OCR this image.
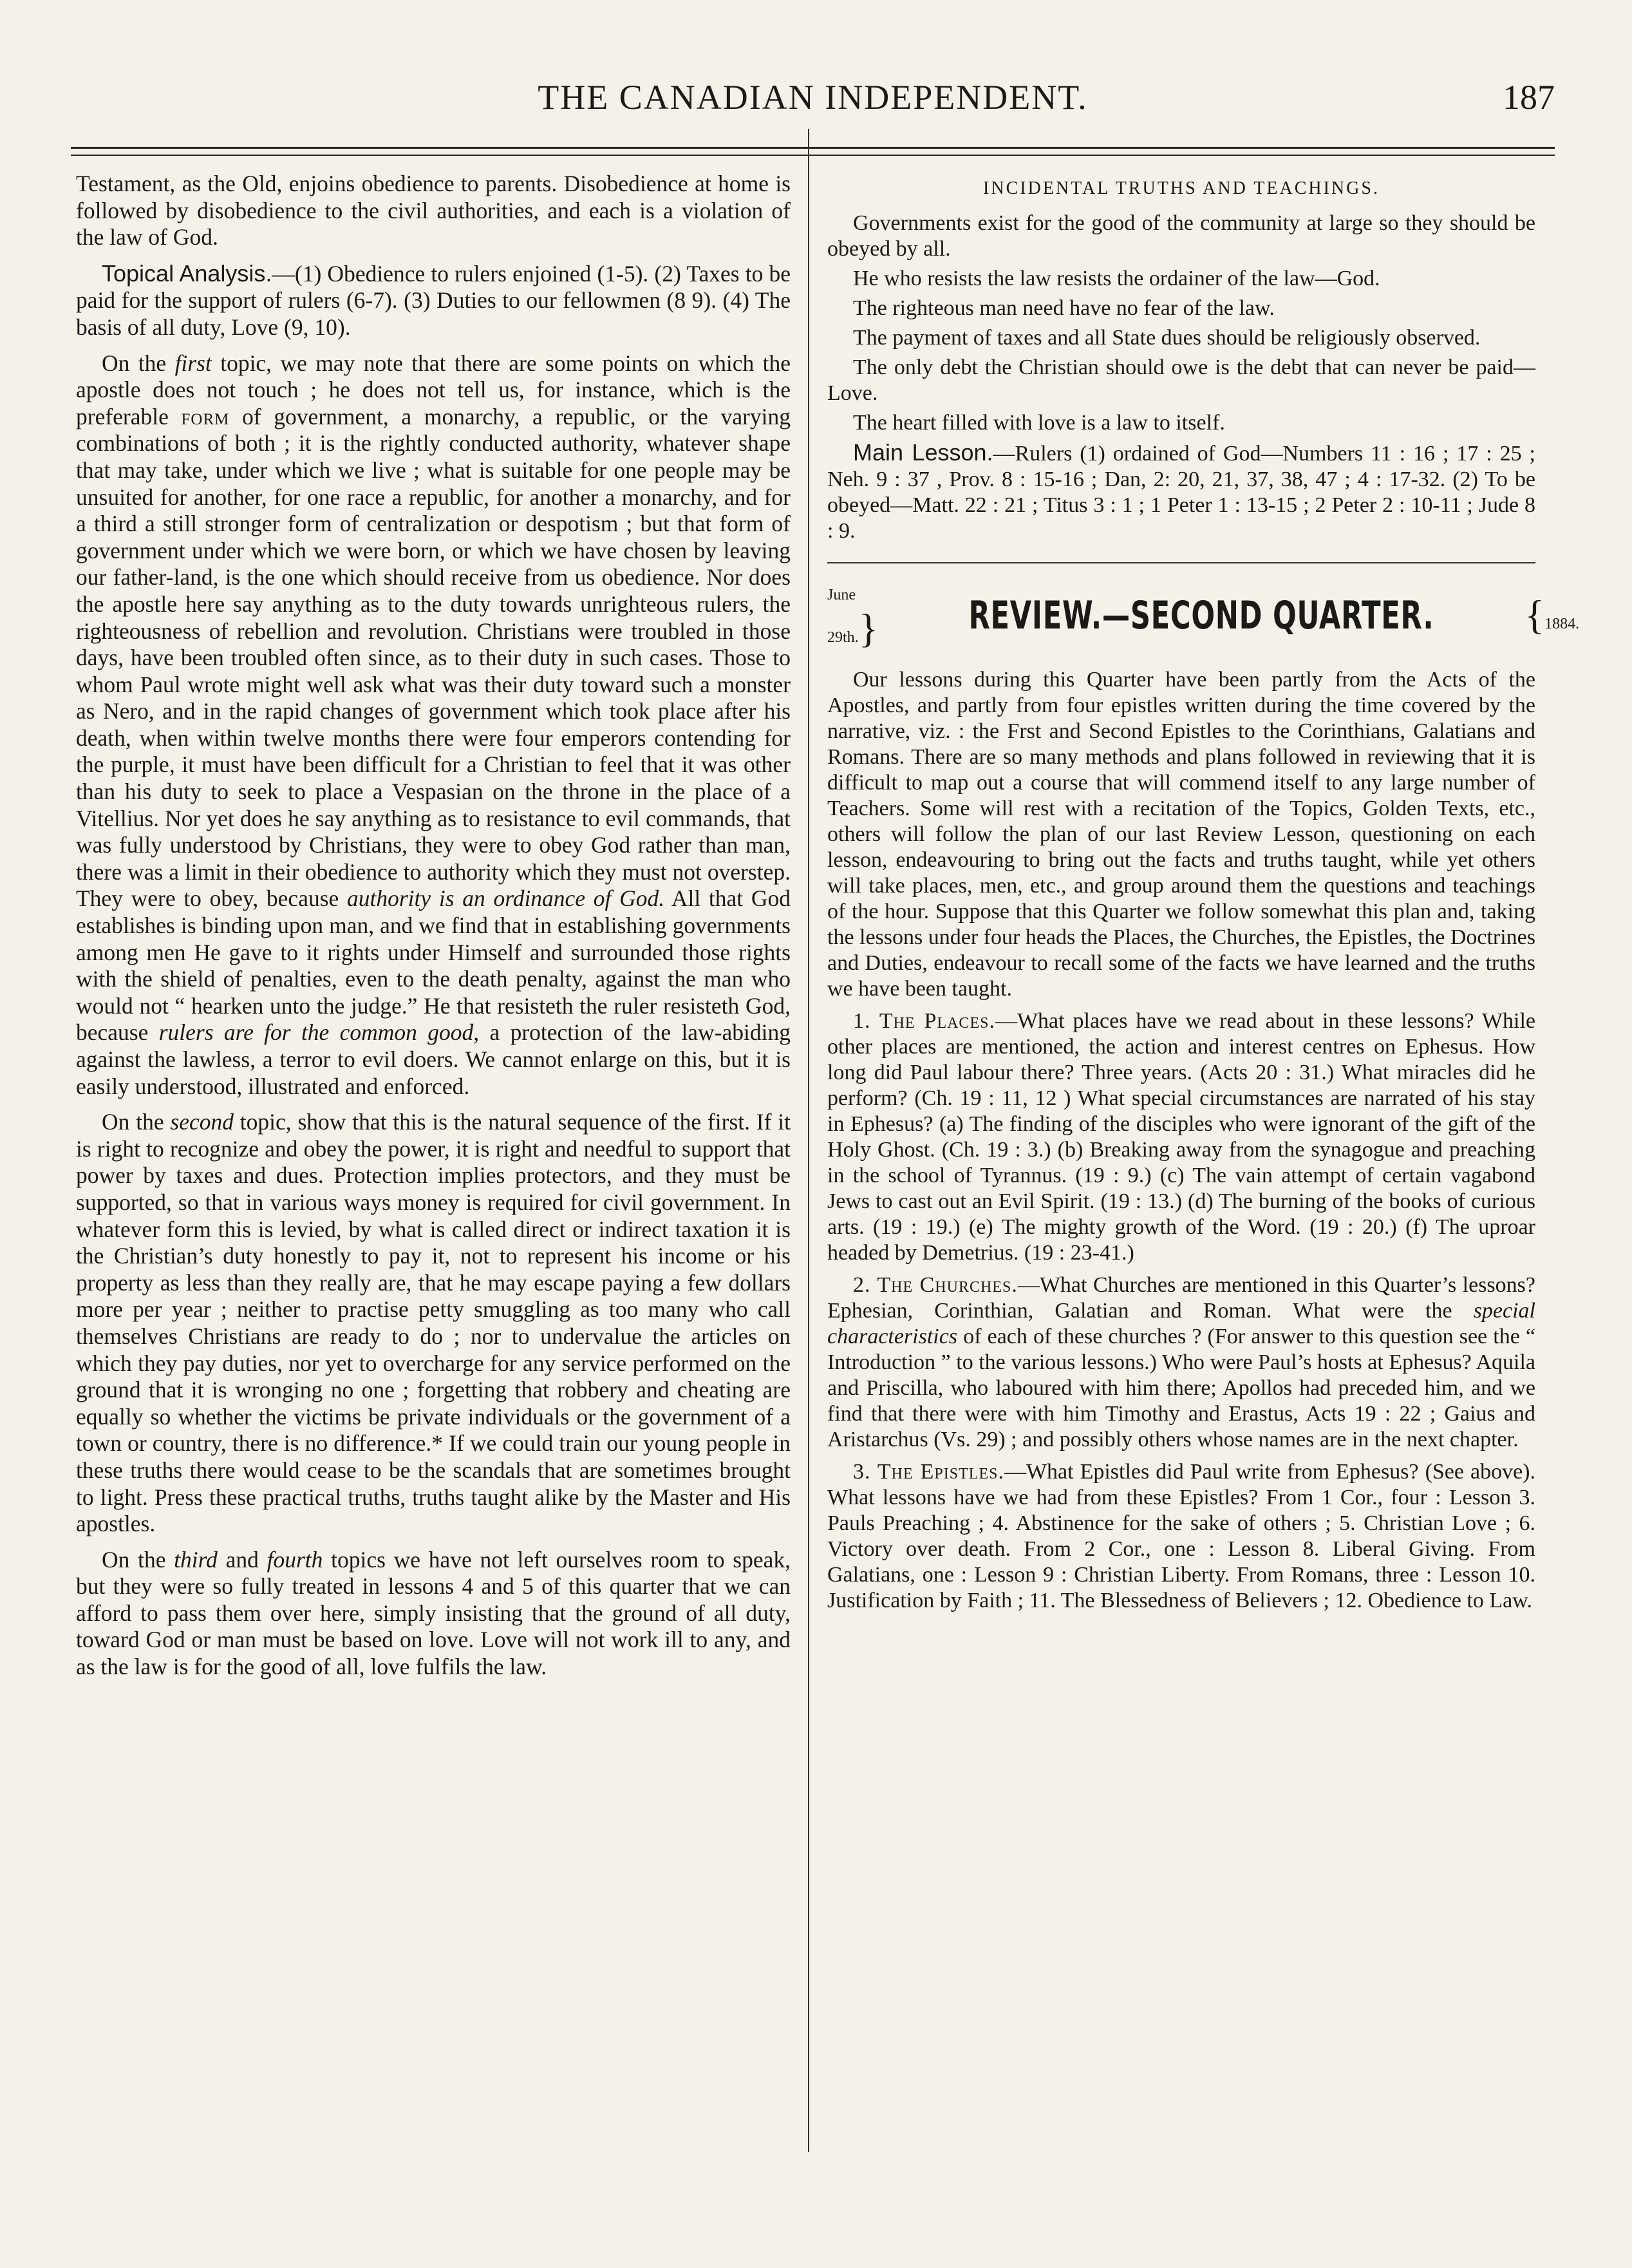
THE CANADIAN INDEPENDENT.	187

Testament, as the Old, enjoins obedience to parents. Disobedience at home is followed by disobedience to the civil authorities, and each is a violation of the law of God.

Topical Analysis.—(1) Obedience to rulers enjoined (1-5). (2) Taxes to be paid for the support of rulers (6-7). (3) Duties to our fellowmen (8 9). (4) The basis of all duty, Love (9, 10).

On the first topic, we may note that there are some points on which the apostle does not touch ; he does not tell us, for instance, which is the preferable form of government, a monarchy, a republic, or the varying combinations of both ; it is the rightly conducted authority, whatever shape that may take, under which we live ; what is suitable for one people may be unsuited for another, for one race a republic, for another a monarchy, and for a third a still stronger form of centralization or despotism ; but that form of government under which we were born, or which we have chosen by leaving our father-land, is the one which should receive from us obedience. Nor does the apostle here say anything as to the duty towards unrighteous rulers, the righteousness of rebellion and revolution. Christians were troubled in those days, have been troubled often since, as to their duty in such cases. Those to whom Paul wrote might well ask what was their duty toward such a monster as Nero, and in the rapid changes of government which took place after his death, when within twelve months there were four emperors contending for the purple, it must have been difficult for a Christian to feel that it was other than his duty to seek to place a Vespasian on the throne in the place of a Vitellius. Nor yet does he say anything as to resistance to evil commands, that was fully understood by Christians, they were to obey God rather than man, there was a limit in their obedience to authority which they must not overstep. They were to obey, because authority is an ordinance of God. All that God establishes is binding upon man, and we find that in establishing governments among men He gave to it rights under Himself and surrounded those rights with the shield of penalties, even to the death penalty, against the man who would not “ hearken unto the judge.” He that resisteth the ruler resisteth God, because rulers are for the common good, a protection of the law-abiding against the lawless, a terror to evil doers. We cannot enlarge on this, but it is easily understood, illustrated and enforced.

On the second topic, show that this is the natural sequence of the first. If it is right to recognize and obey the power, it is right and needful to support that power by taxes and dues. Protection implies protectors, and they must be supported, so that in various ways money is required for civil government. In whatever form this is levied, by what is called direct or indirect taxation it is the Christian’s duty honestly to pay it, not to represent his income or his property as less than they really are, that he may escape paying a few dollars more per year ; neither to practise petty smuggling as too many who call themselves Christians are ready to do ; nor to undervalue the articles on which they pay duties, nor yet to overcharge for any service performed on the ground that it is wronging no one ; forgetting that robbery and cheating are equally so whether the victims be private individuals or the government of a town or country, there is no difference.* If we could train our young people in these truths there would cease to be the scandals that are sometimes brought to light. Press these practical truths, truths taught alike by the Master and His apostles.

On the third and fourth topics we have not left ourselves room to speak, but they were so fully treated in lessons 4 and 5 of this quarter that we can afford to pass them over here, simply insisting that the ground of all duty, toward God or man must be based on love. Love will not work ill to any, and as the law is for the good of all, love fulfils the law.

INCIDENTAL TRUTHS AND TEACHINGS.

Governments exist for the good of the community at large so they should be obeyed by all.

He who resists the law resists the ordainer of the law—God.

The righteous man need have no fear of the law.

The payment of taxes and all State dues should be religiously observed.

The only debt the Christian should owe is the debt that can never be paid—Love.

The heart filled with love is a law to itself.

Main Lesson.—Rulers (1) ordained of God—Numbers 11 : 16 ; 17 : 25 ; Neh. 9 : 37 , Prov. 8 : 15-16 ; Dan, 2: 20, 21, 37, 38, 47 ; 4 : 17-32. (2) To be obeyed—Matt. 22 : 21 ; Titus 3 : 1 ; 1 Peter 1 : 13-15 ; 2 Peter 2 : 10-11 ; Jude 8 : 9.

June 29th.} REVIEW.—SECOND QUARTER. {1884.

Our lessons during this Quarter have been partly from the Acts of the Apostles, and partly from four epistles written during the time covered by the narrative, viz. : the Frst and Second Epistles to the Corinthians, Galatians and Romans. There are so many methods and plans followed in reviewing that it is difficult to map out a course that will commend itself to any large number of Teachers. Some will rest with a recitation of the Topics, Golden Texts, etc., others will follow the plan of our last Review Lesson, questioning on each lesson, endeavouring to bring out the facts and truths taught, while yet others will take places, men, etc., and group around them the questions and teachings of the hour. Suppose that this Quarter we follow somewhat this plan and, taking the lessons under four heads the Places, the Churches, the Epistles, the Doctrines and Duties, endeavour to recall some of the facts we have learned and the truths we have been taught.

1. The Places.—What places have we read about in these lessons? While other places are mentioned, the action and interest centres on Ephesus. How long did Paul labour there? Three years. (Acts 20 : 31.) What miracles did he perform? (Ch. 19 : 11, 12 ) What special circumstances are narrated of his stay in Ephesus? (a) The finding of the disciples who were ignorant of the gift of the Holy Ghost. (Ch. 19 : 3.) (b) Breaking away from the synagogue and preaching in the school of Tyrannus. (19 : 9.) (c) The vain attempt of certain vagabond Jews to cast out an Evil Spirit. (19 : 13.) (d) The burning of the books of curious arts. (19 : 19.) (e) The mighty growth of the Word. (19 : 20.) (f) The uproar headed by Demetrius. (19 : 23-41.)

2. The Churches.—What Churches are mentioned in this Quarter’s lessons? Ephesian, Corinthian, Galatian and Roman. What were the special characteristics of each of these churches ? (For answer to this question see the “ Introduction ” to the various lessons.) Who were Paul’s hosts at Ephesus? Aquila and Priscilla, who laboured with him there; Apollos had preceded him, and we find that there were with him Timothy and Erastus, Acts 19 : 22 ; Gaius and Aristarchus (Vs. 29) ; and possibly others whose names are in the next chapter.

3. The Epistles.—What Epistles did Paul write from Ephesus? (See above). What lessons have we had from these Epistles? From 1 Cor., four : Lesson 3. Pauls Preaching ; 4. Abstinence for the sake of others ; 5. Christian Love ; 6. Victory over death. From 2 Cor., one : Lesson 8. Liberal Giving. From Galatians, one : Lesson 9 : Christian Liberty. From Romans, three : Lesson 10. Justification by Faith ; 11. The Blessedness of Believers ; 12. Obedience to Law.
